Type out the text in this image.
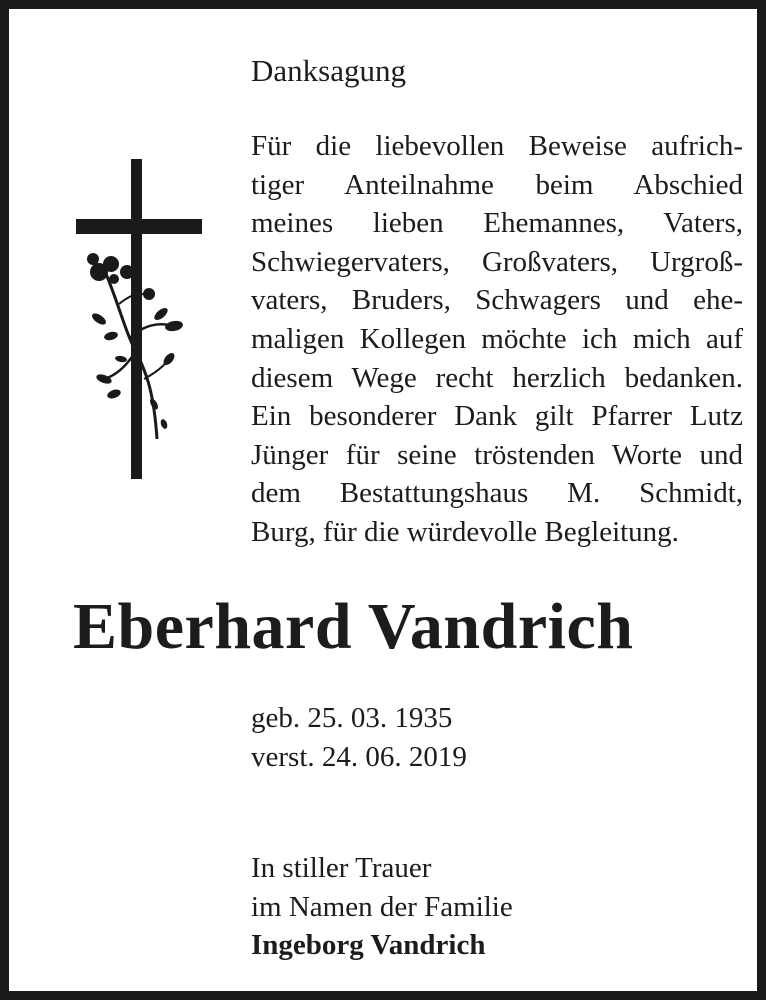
Danksagung
Für die liebevollen Beweise aufrich-
tiger Anteilnahme beim Abschied
meines lieben Ehemannes, Vaters,
Schwiegervaters, Großvaters, Urgroß-
vaters, Bruders, Schwagers und ehe-
maligen Kollegen möchte ich mich auf
diesem Wege recht herzlich bedanken.
Ein besonderer Dank gilt Pfarrer Lutz
Jünger für seine tröstenden Worte und
dem Bestattungshaus M. Schmidt,
Burg, für die würdevolle Begleitung.
Eberhard Vandrich
geb. 25. 03. 1935
verst. 24. 06. 2019
In stiller Trauer
im Namen der Familie
Ingeborg Vandrich
